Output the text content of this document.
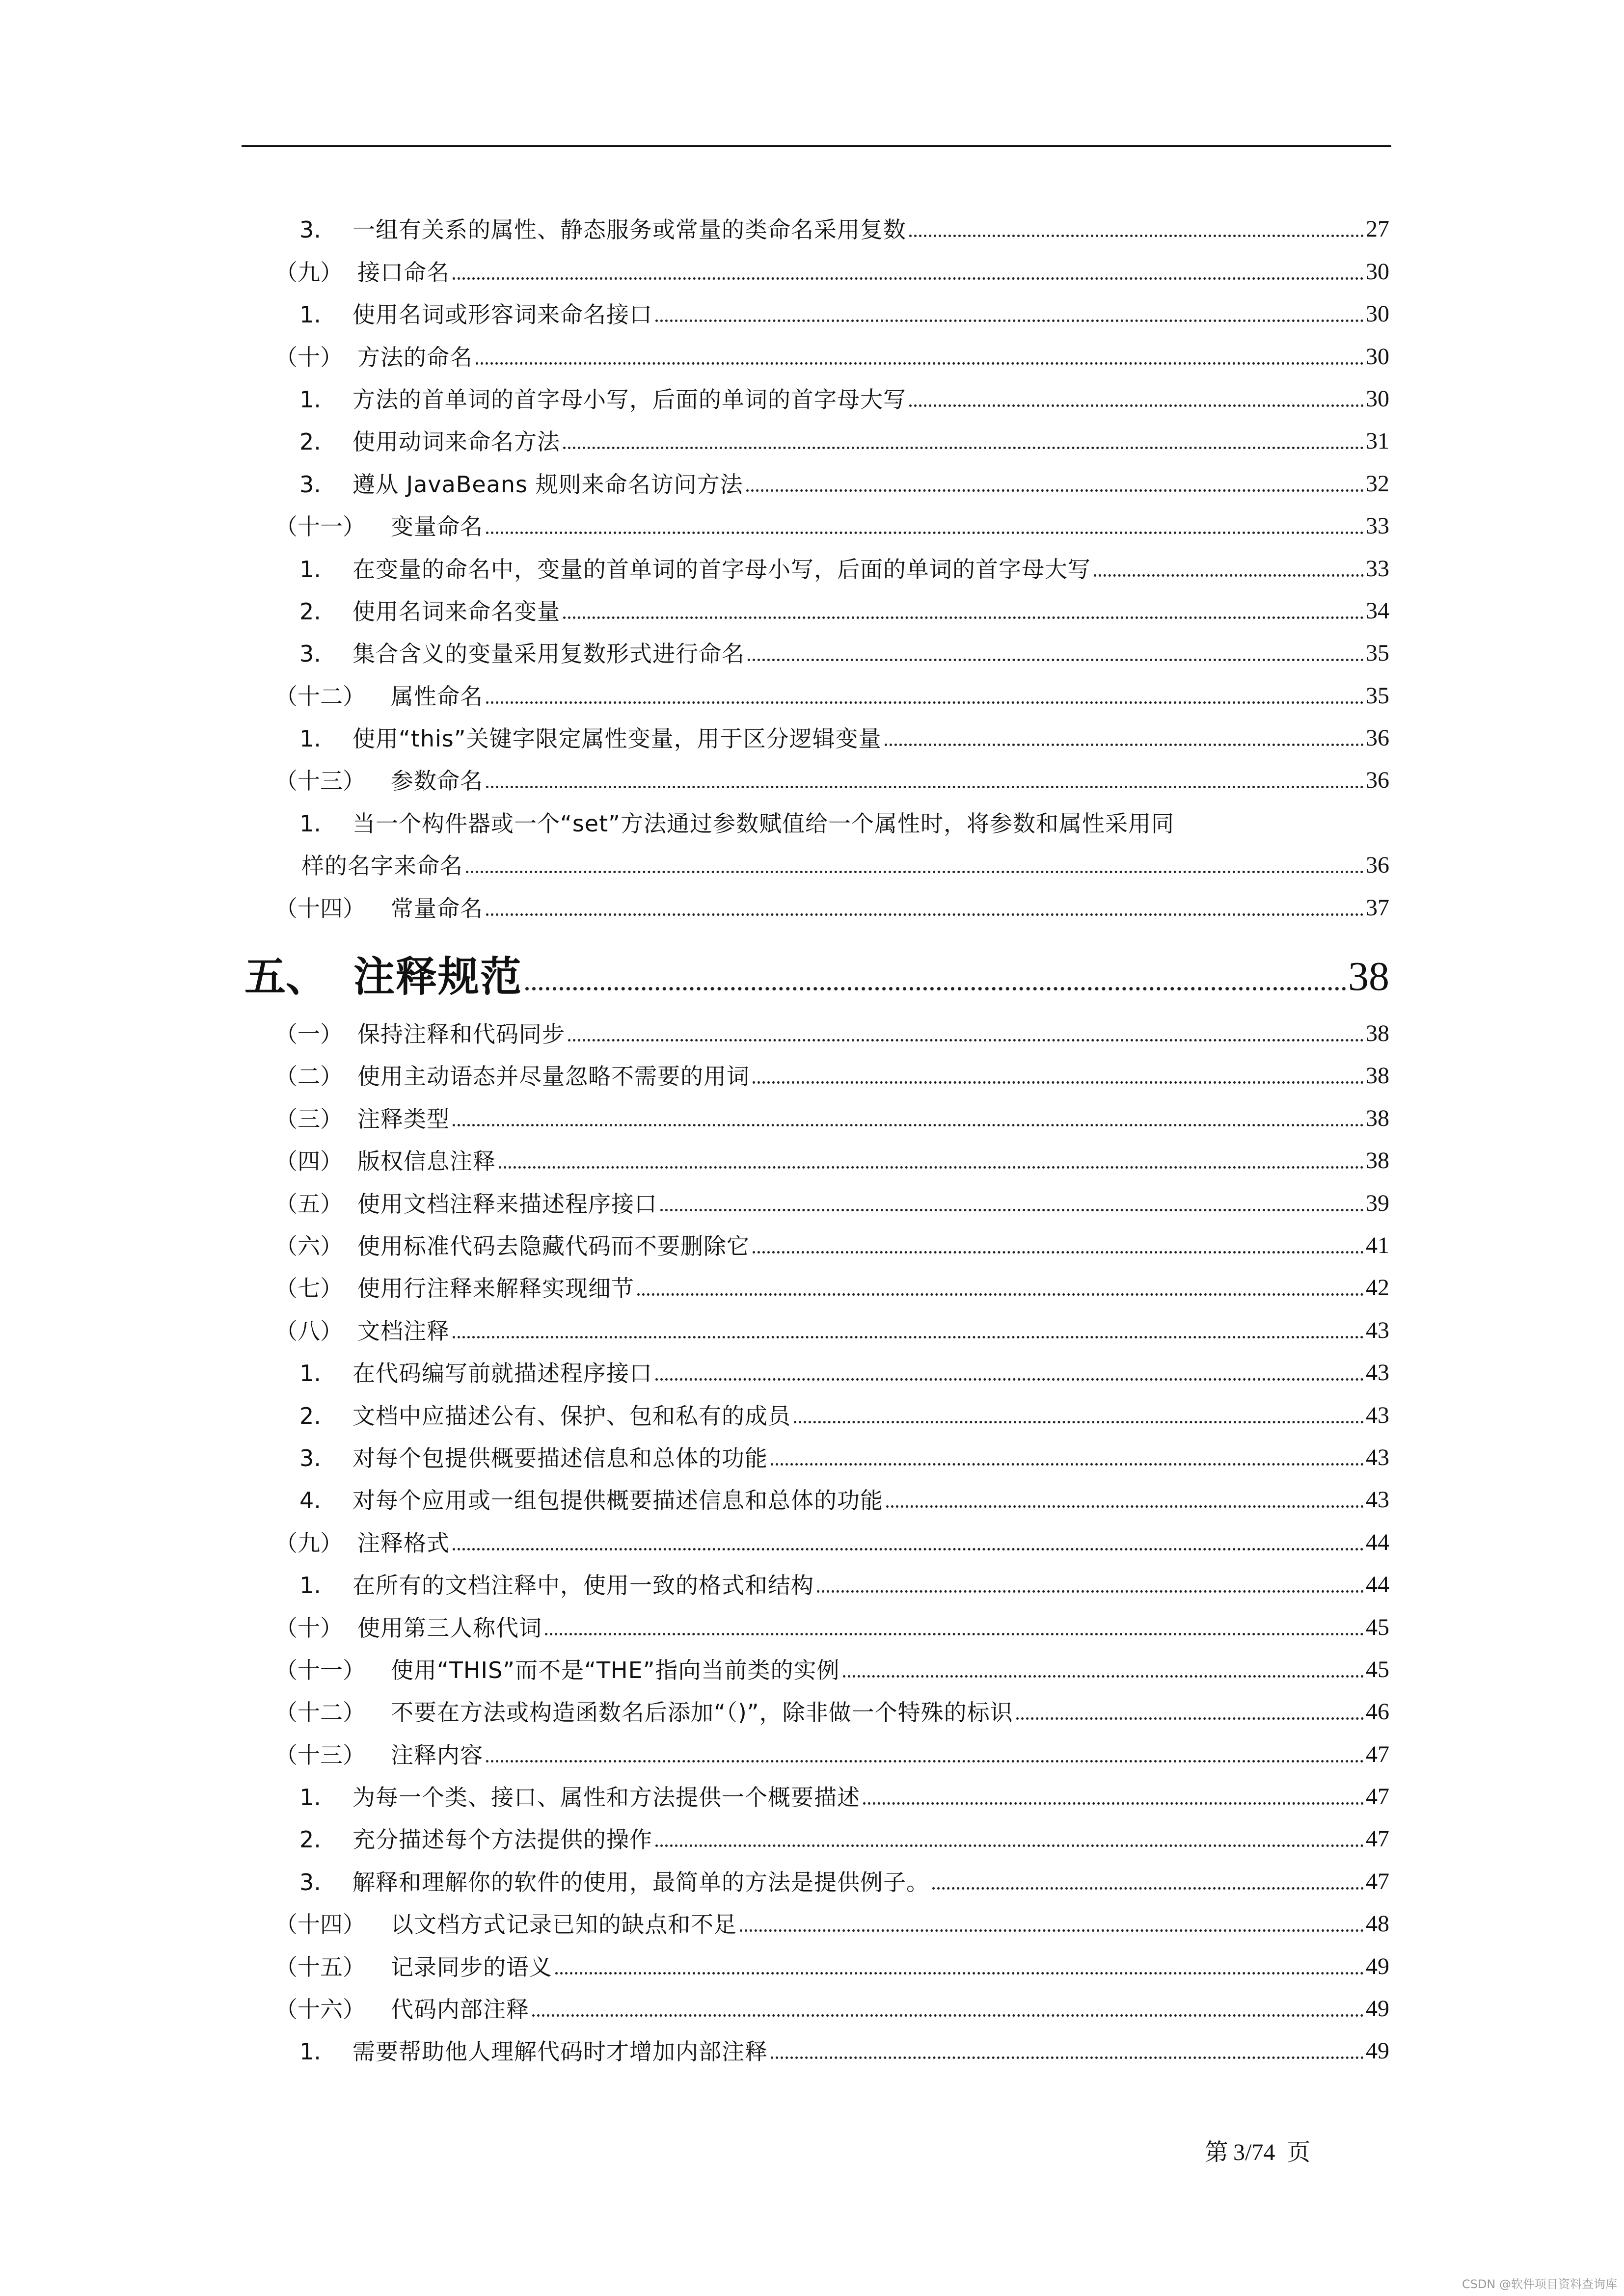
3.	一组有关系的属性、静态服务或常量的类命名采用复数	27
（九） 接口命名	30
1.	使用名词或形容词来命名接口	30
（十） 方法的命名	30
1.	方法的首单词的首字母小写，后面的单词的首字母大写	30
2.	使用动词来命名方法	31
3.	遵从 JavaBeans 规则来命名访问方法	32
（十一）	变量命名	33
1.	在变量的命名中，变量的首单词的首字母小写，后面的单词的首字母大写	33
2.	使用名词来命名变量	34
3.	集合含义的变量采用复数形式进行命名	35
（十二）	属性命名	35
1.	使用“this”关键字限定属性变量，用于区分逻辑变量	36
（十三）	参数命名	36
1.	当一个构件器或一个“set”方法通过参数赋值给一个属性时，将参数和属性采用同
样的名字来命名	36
（十四）	常量命名	37
五、 注释规范	38
（一） 保持注释和代码同步	38
（二） 使用主动语态并尽量忽略不需要的用词	38
（三） 注释类型	38
（四） 版权信息注释	38
（五） 使用文档注释来描述程序接口	39
（六） 使用标准代码去隐藏代码而不要删除它	41
（七） 使用行注释来解释实现细节	42
（八） 文档注释	43
1.	在代码编写前就描述程序接口	43
2.	文档中应描述公有、保护、包和私有的成员	43
3.	对每个包提供概要描述信息和总体的功能	43
4.	对每个应用或一组包提供概要描述信息和总体的功能	43
（九） 注释格式	44
1.	在所有的文档注释中，使用一致的格式和结构	44
（十） 使用第三人称代词	45
（十一）	使用“THIS”而不是“THE”指向当前类的实例	45
（十二）	不要在方法或构造函数名后添加“（)”，除非做一个特殊的标识	46
（十三）	注释内容	47
1.	为每一个类、接口、属性和方法提供一个概要描述	47
2.	充分描述每个方法提供的操作	47
3.	解释和理解你的软件的使用，最简单的方法是提供例子。	47
（十四）	以文档方式记录已知的缺点和不足	48
（十五）	记录同步的语义	49
（十六）	代码内部注释	49
1.	需要帮助他人理解代码时才增加内部注释	49
第 3/74 页
CSDN @软件项目资料查询库
